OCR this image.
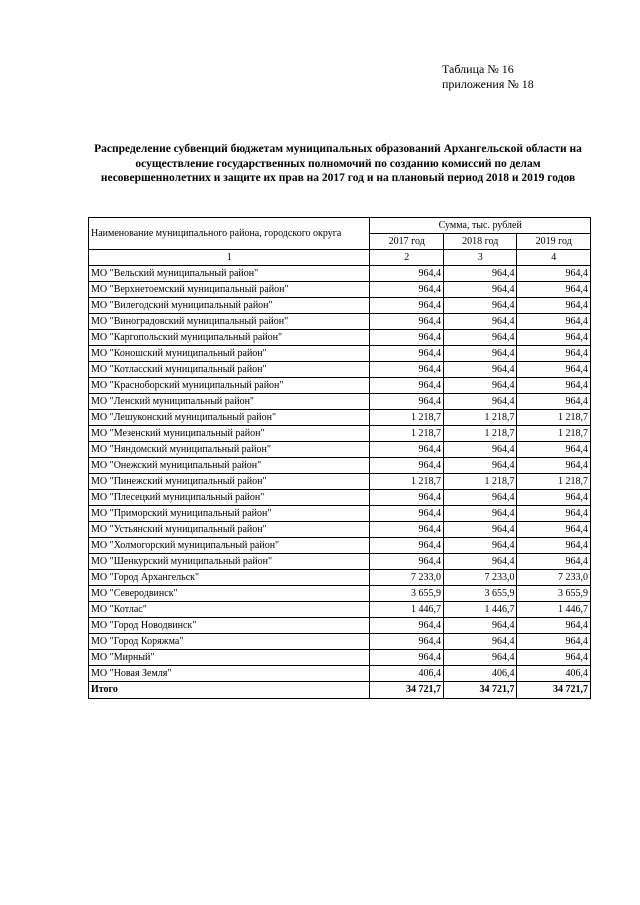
Таблица № 16
приложения № 18
Распределение субвенций бюджетам муниципальных образований Архангельской области на осуществление государственных полномочий по созданию комиссий по делам несовершеннолетних и защите их прав на 2017 год и на плановый период 2018 и 2019 годов
Наименование муниципального района, городского округа	Сумма, тыс. рублей		
	2017 год	2018 год	2019 год
1	2	3	4
МО "Вельский муниципальный район"	964,4	964,4	964,4
МО "Верхнетоемский муниципальный район"	964,4	964,4	964,4
МО "Вилегодский муниципальный район"	964,4	964,4	964,4
МО "Виноградовский муниципальный район"	964,4	964,4	964,4
МО "Каргопольский муниципальный район"	964,4	964,4	964,4
МО "Коношский муниципальный район"	964,4	964,4	964,4
МО "Котласский муниципальный район"	964,4	964,4	964,4
МО "Красноборский муниципальный район"	964,4	964,4	964,4
МО "Ленский муниципальный район"	964,4	964,4	964,4
МО "Лешуконский муниципальный район"	1 218,7	1 218,7	1 218,7
МО "Мезенский муниципальный район"	1 218,7	1 218,7	1 218,7
МО "Няндомский муниципальный район"	964,4	964,4	964,4
МО "Онежский муниципальный район"	964,4	964,4	964,4
МО "Пинежский муниципальный район"	1 218,7	1 218,7	1 218,7
МО "Плесецкий муниципальный район"	964,4	964,4	964,4
МО "Приморский муниципальный район"	964,4	964,4	964,4
МО "Устьянский муниципальный район"	964,4	964,4	964,4
МО "Холмогорский муниципальный район"	964,4	964,4	964,4
МО "Шенкурский муниципальный район"	964,4	964,4	964,4
МО "Город Архангельск"	7 233,0	7 233,0	7 233,0
МО "Северодвинск"	3 655,9	3 655,9	3 655,9
МО "Котлас"	1 446,7	1 446,7	1 446,7
МО "Город Новодвинск"	964,4	964,4	964,4
МО "Город Коряжма"	964,4	964,4	964,4
МО "Мирный"	964,4	964,4	964,4
МО "Новая Земля"	406,4	406,4	406,4
Итого	34 721,7	34 721,7	34 721,7
